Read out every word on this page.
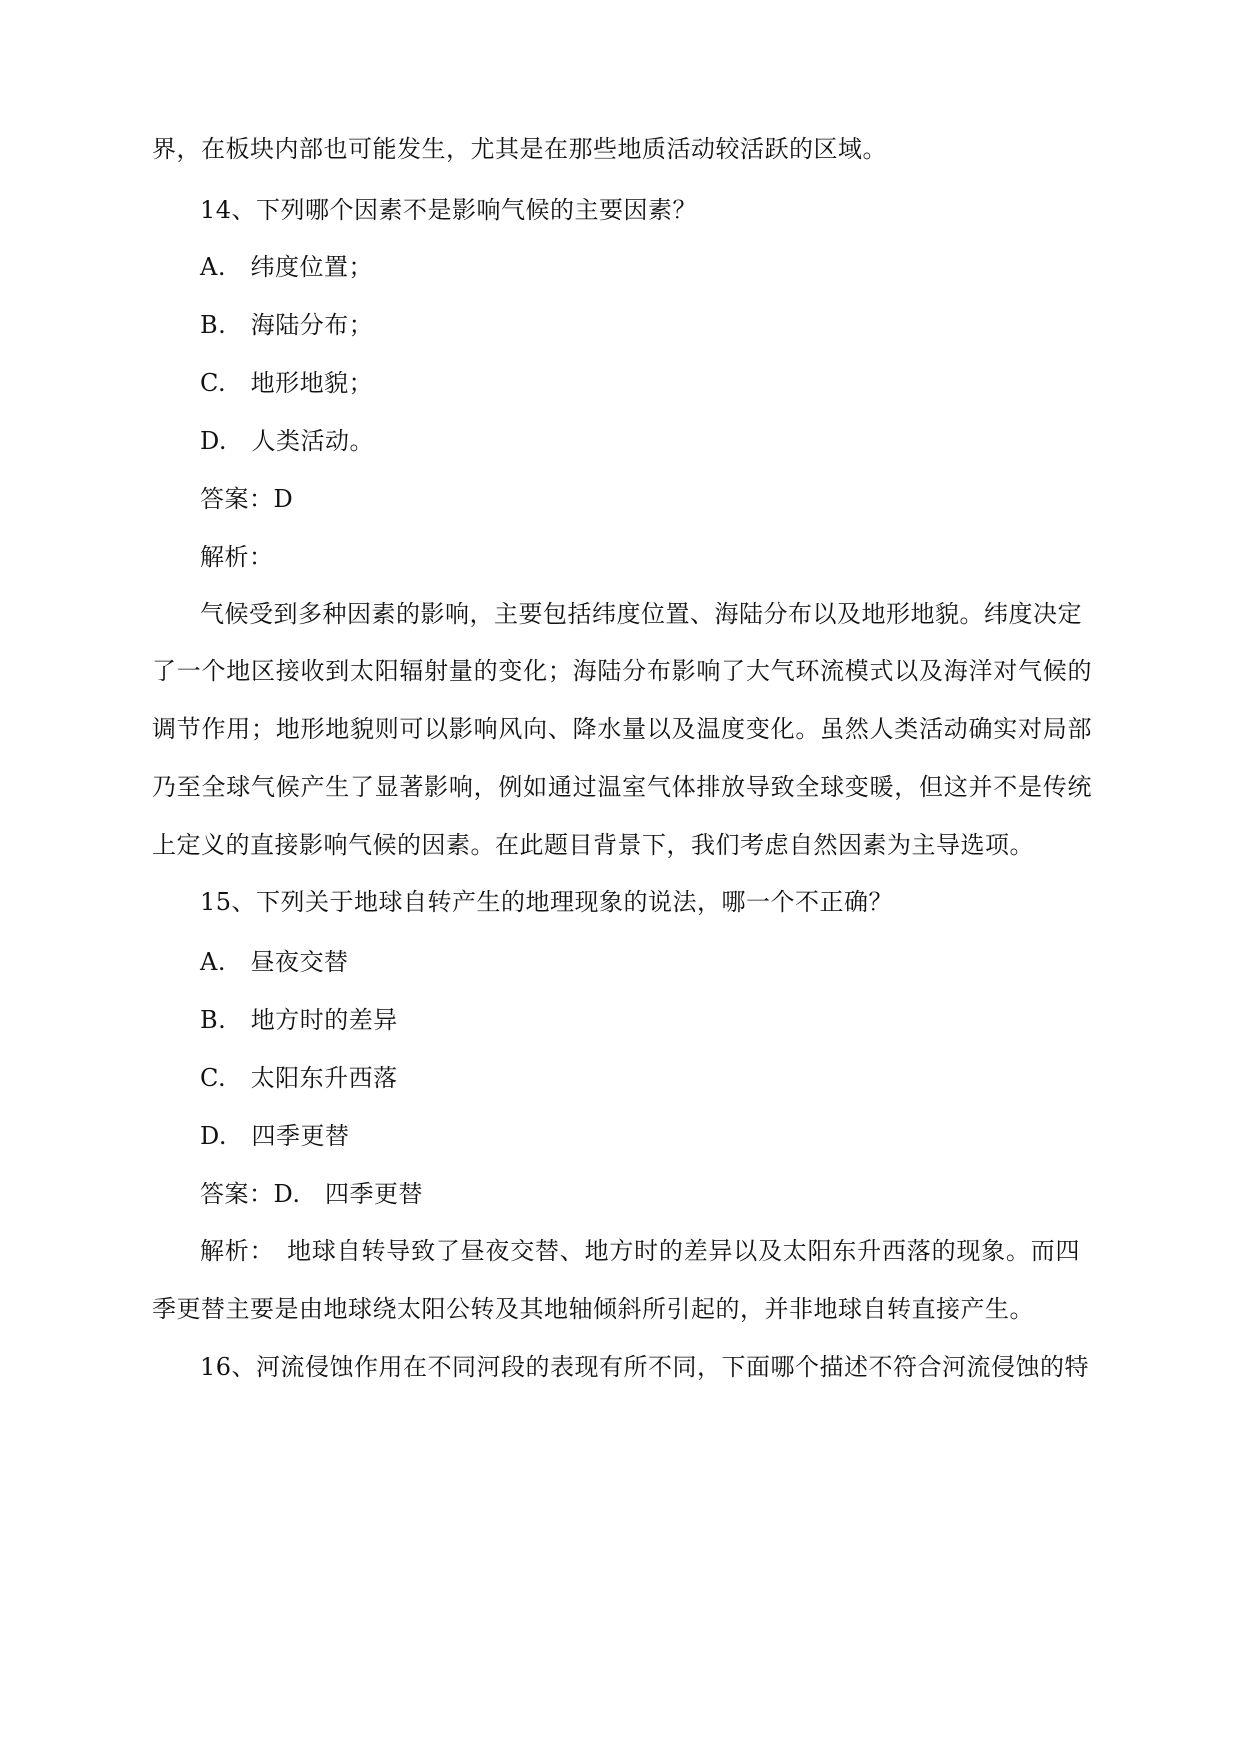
界，在板块内部也可能发生，尤其是在那些地质活动较活跃的区域。
14、下列哪个因素不是影响气候的主要因素？
A.　纬度位置；
B.　海陆分布；
C.　地形地貌；
D.　人类活动。
答案：D
解析：
气候受到多种因素的影响，主要包括纬度位置、海陆分布以及地形地貌。纬度决定
了一个地区接收到太阳辐射量的变化；海陆分布影响了大气环流模式以及海洋对气候的
调节作用；地形地貌则可以影响风向、降水量以及温度变化。虽然人类活动确实对局部
乃至全球气候产生了显著影响，例如通过温室气体排放导致全球变暖，但这并不是传统
上定义的直接影响气候的因素。在此题目背景下，我们考虑自然因素为主导选项。
15、下列关于地球自转产生的地理现象的说法，哪一个不正确？
A.　昼夜交替
B.　地方时的差异
C.　太阳东升西落
D.　四季更替
答案：D.　四季更替
解析：　地球自转导致了昼夜交替、地方时的差异以及太阳东升西落的现象。而四
季更替主要是由地球绕太阳公转及其地轴倾斜所引起的，并非地球自转直接产生。
16、河流侵蚀作用在不同河段的表现有所不同，下面哪个描述不符合河流侵蚀的特
